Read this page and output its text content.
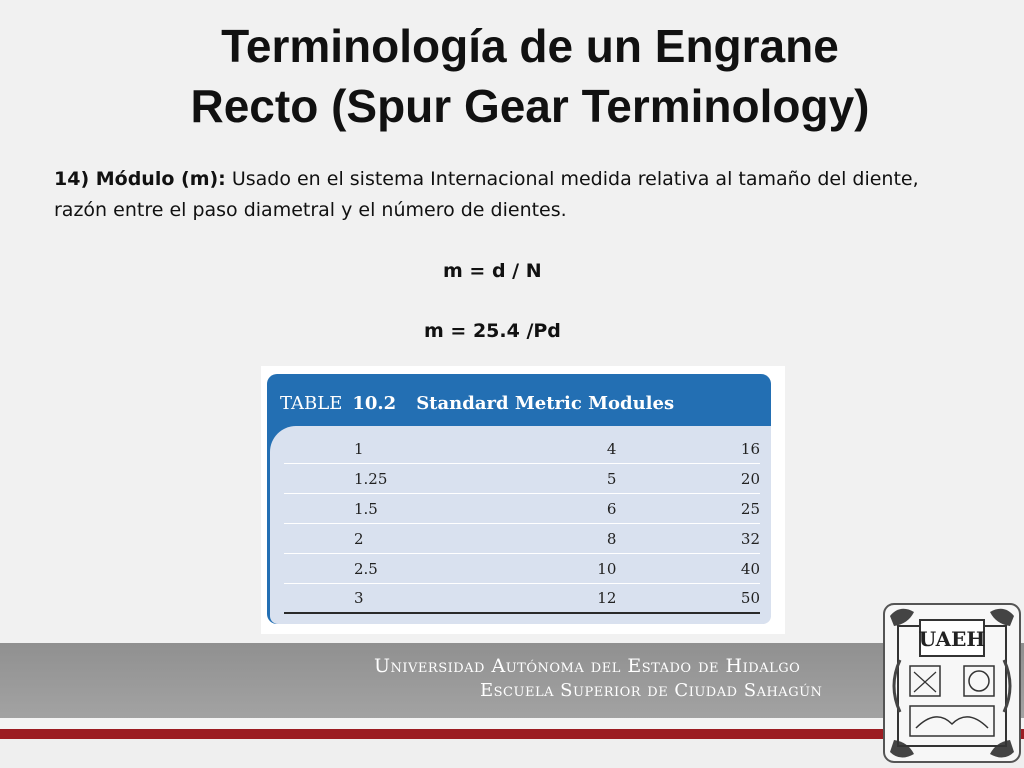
Terminología de un Engrane
Recto (Spur Gear Terminology)
14) Módulo (m): Usado en el sistema Internacional medida relativa al tamaño del diente, razón entre el paso diametral y el número de dientes.
m = d / N
m = 25.4 /Pd
TABLE 10.2 Standard Metric Modules
1	4	16
1.25	5	20
1.5	6	25
2	8	32
2.5	10	40
3	12	50
Universidad Autónoma del Estado de Hidalgo
Escuela Superior de Ciudad Sahagún
UAEH
